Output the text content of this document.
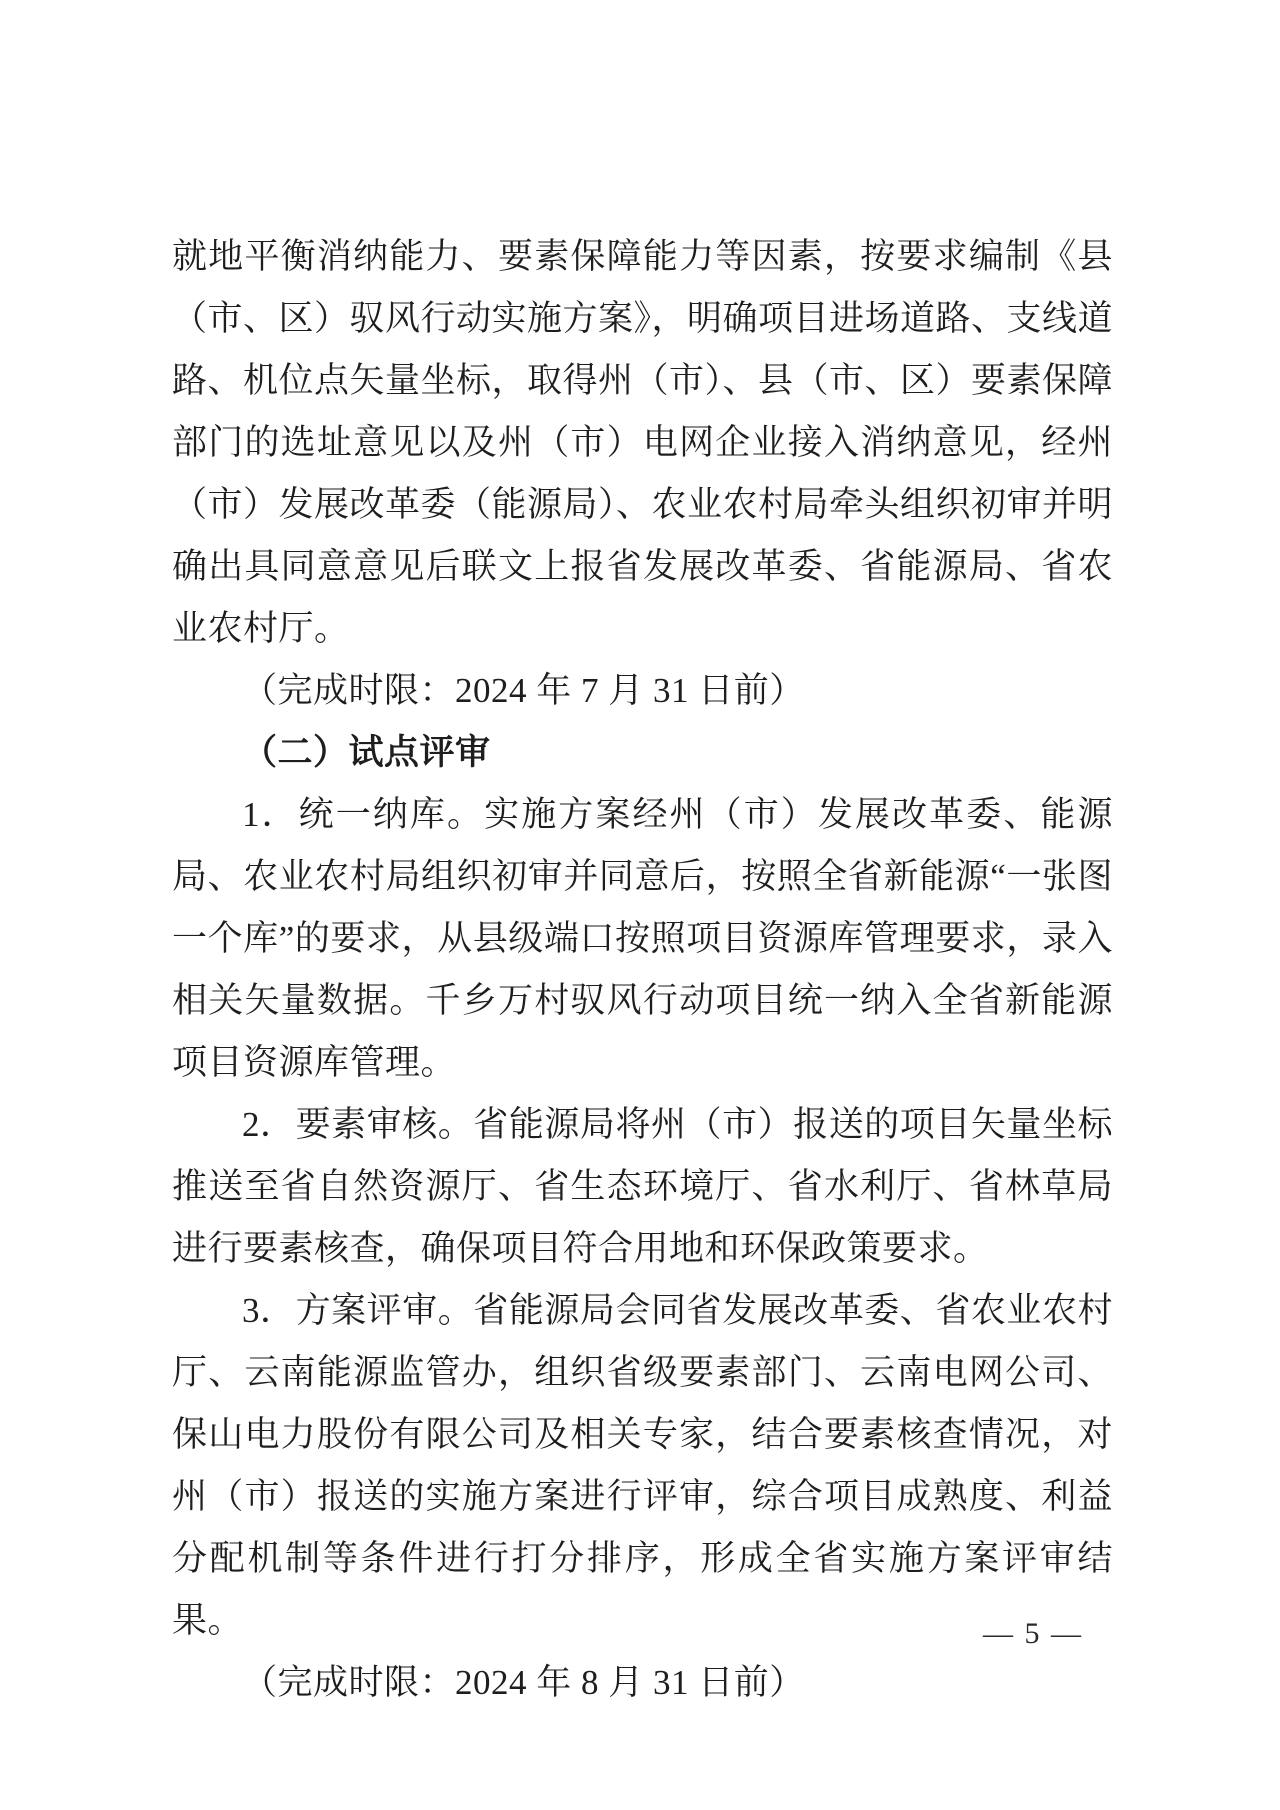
就地平衡消纳能力、要素保障能力等因素，按要求编制《县（市、区）驭风行动实施方案》，明确项目进场道路、支线道路、机位点矢量坐标，取得州（市）、县（市、区）要素保障部门的选址意见以及州（市）电网企业接入消纳意见，经州（市）发展改革委（能源局）、农业农村局牵头组织初审并明确出具同意意见后联文上报省发展改革委、省能源局、省农业农村厅。

（完成时限：2024 年 7 月 31 日前）

（二）试点评审

1．统一纳库。实施方案经州（市）发展改革委、能源局、农业农村局组织初审并同意后，按照全省新能源“一张图一个库”的要求，从县级端口按照项目资源库管理要求，录入相关矢量数据。千乡万村驭风行动项目统一纳入全省新能源项目资源库管理。

2．要素审核。省能源局将州（市）报送的项目矢量坐标推送至省自然资源厅、省生态环境厅、省水利厅、省林草局进行要素核查，确保项目符合用地和环保政策要求。

3．方案评审。省能源局会同省发展改革委、省农业农村厅、云南能源监管办，组织省级要素部门、云南电网公司、保山电力股份有限公司及相关专家，结合要素核查情况，对州（市）报送的实施方案进行评审，综合项目成熟度、利益分配机制等条件进行打分排序，形成全省实施方案评审结果。

（完成时限：2024 年 8 月 31 日前）

— 5 —
